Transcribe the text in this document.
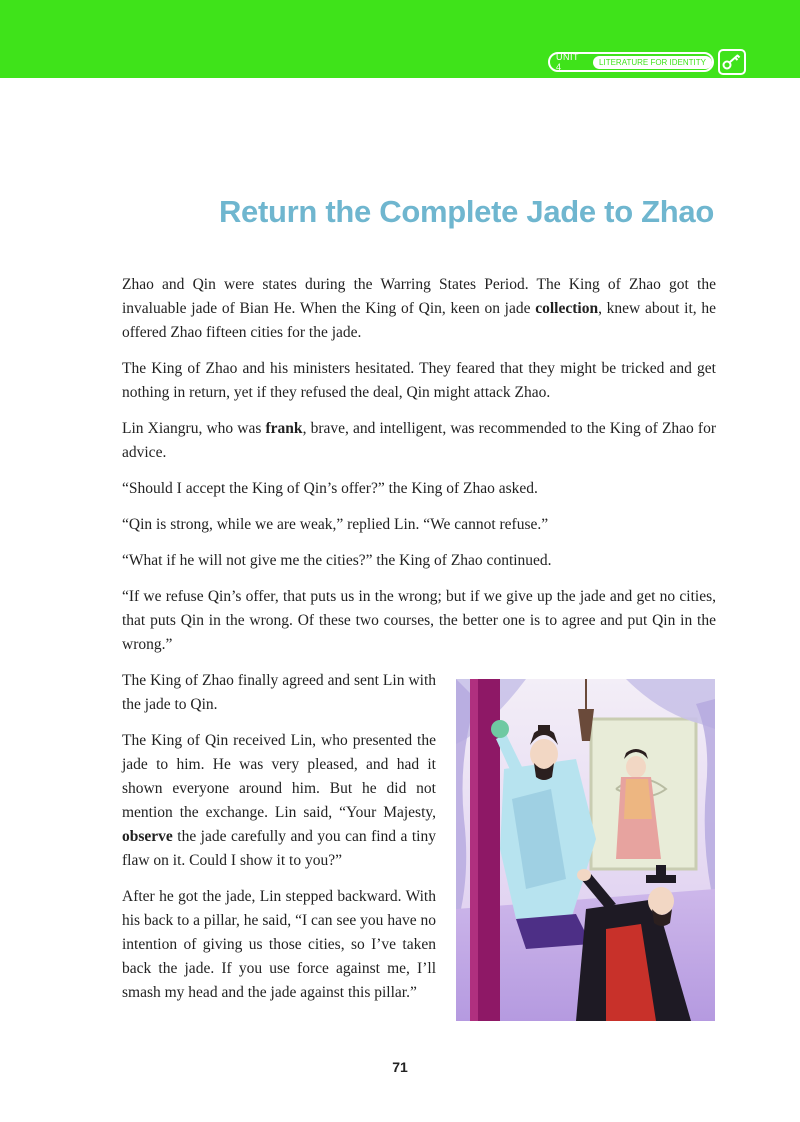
UNIT 4	LITERATURE FOR IDENTITY
Return the Complete Jade to Zhao

Zhao and Qin were states during the Warring States Period. The King of Zhao got the invaluable jade of Bian He. When the King of Qin, keen on jade collection, knew about it, he offered Zhao fifteen cities for the jade.

The King of Zhao and his ministers hesitated. They feared that they might be tricked and get nothing in return, yet if they refused the deal, Qin might attack Zhao.

Lin Xiangru, who was frank, brave, and intelligent, was recommended to the King of Zhao for advice.

“Should I accept the King of Qin’s offer?” the King of Zhao asked.

“Qin is strong, while we are weak,” replied Lin. “We cannot refuse.”

“What if he will not give me the cities?” the King of Zhao continued.

“If we refuse Qin’s offer, that puts us in the wrong; but if we give up the jade and get no cities, that puts Qin in the wrong. Of these two courses, the better one is to agree and put Qin in the wrong.”

The King of Zhao finally agreed and sent Lin with the jade to Qin.

The King of Qin received Lin, who presented the jade to him. He was very pleased, and had it shown everyone around him. But he did not mention the exchange. Lin said, “Your Majesty, observe the jade carefully and you can find a tiny flaw on it. Could I show it to you?”

After he got the jade, Lin stepped backward. With his back to a pillar, he said, “I can see you have no intention of giving us those cities, so I’ve taken back the jade. If you use force against me, I’ll smash my head and the jade against this pillar.”

71
